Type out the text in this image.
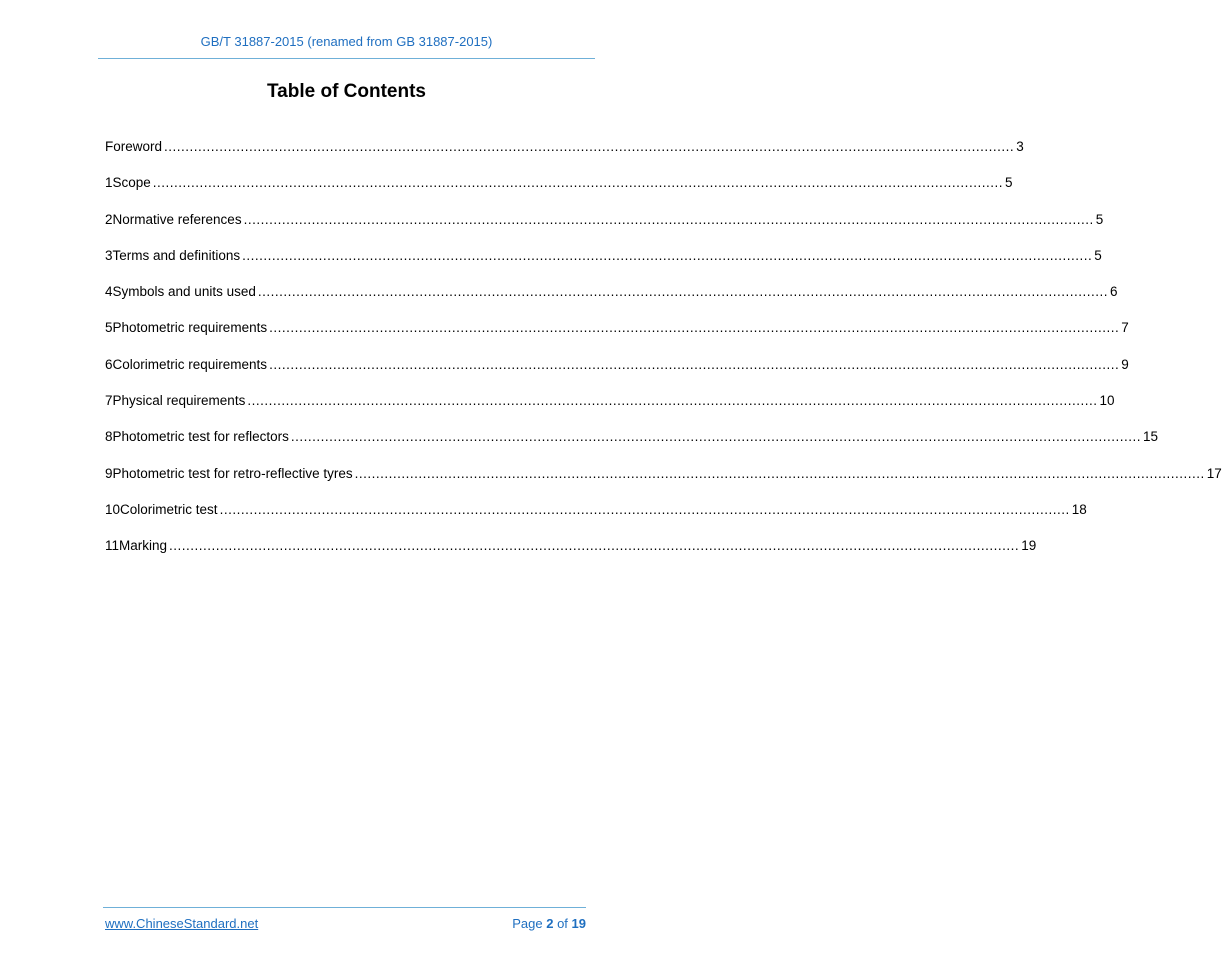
GB/T 31887-2015 (renamed from GB 31887-2015)
Table of Contents
Foreword ........................................................................................................................................................................................................ 3
1 Scope ........................................................................................................................................................................................................ 5
2 Normative references ........................................................................................................................................................................................................ 5
3 Terms and definitions ........................................................................................................................................................................................................ 5
4 Symbols and units used ........................................................................................................................................................................................................ 6
5 Photometric requirements ........................................................................................................................................................................................................ 7
6 Colorimetric requirements ........................................................................................................................................................................................................ 9
7 Physical requirements ........................................................................................................................................................................................................ 10
8 Photometric test for reflectors ........................................................................................................................................................................................................ 15
9 Photometric test for retro-reflective tyres ........................................................................................................................................................................................................ 17
10 Colorimetric test ........................................................................................................................................................................................................ 18
11 Marking ........................................................................................................................................................................................................ 19
www.ChineseStandard.net	Page 2 of 19
